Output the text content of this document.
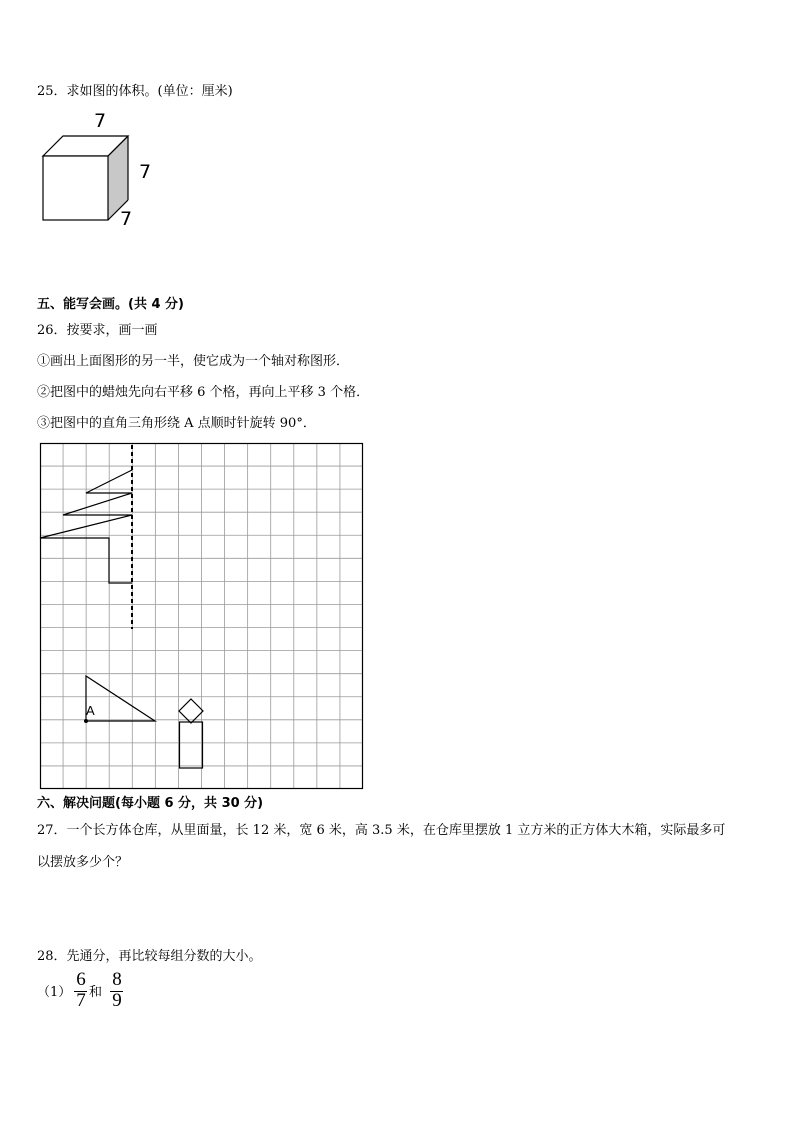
25．求如图的体积。(单位：厘米)
7
7
7
五、能写会画。(共 4 分)
26．按要求，画一画
①画出上面图形的另一半，使它成为一个轴对称图形．
②把图中的蜡烛先向右平移 6 个格，再向上平移 3 个格．
③把图中的直角三角形绕 A 点顺时针旋转 90°．
A
六、解决问题(每小题 6 分，共 30 分)
27．一个长方体仓库，从里面量，长 12 米，宽 6 米，高 3.5 米，在仓库里摆放 1 立方米的正方体大木箱，实际最多可
以摆放多少个？
28．先通分，再比较每组分数的大小。
（1）
6
7 和
8
9
